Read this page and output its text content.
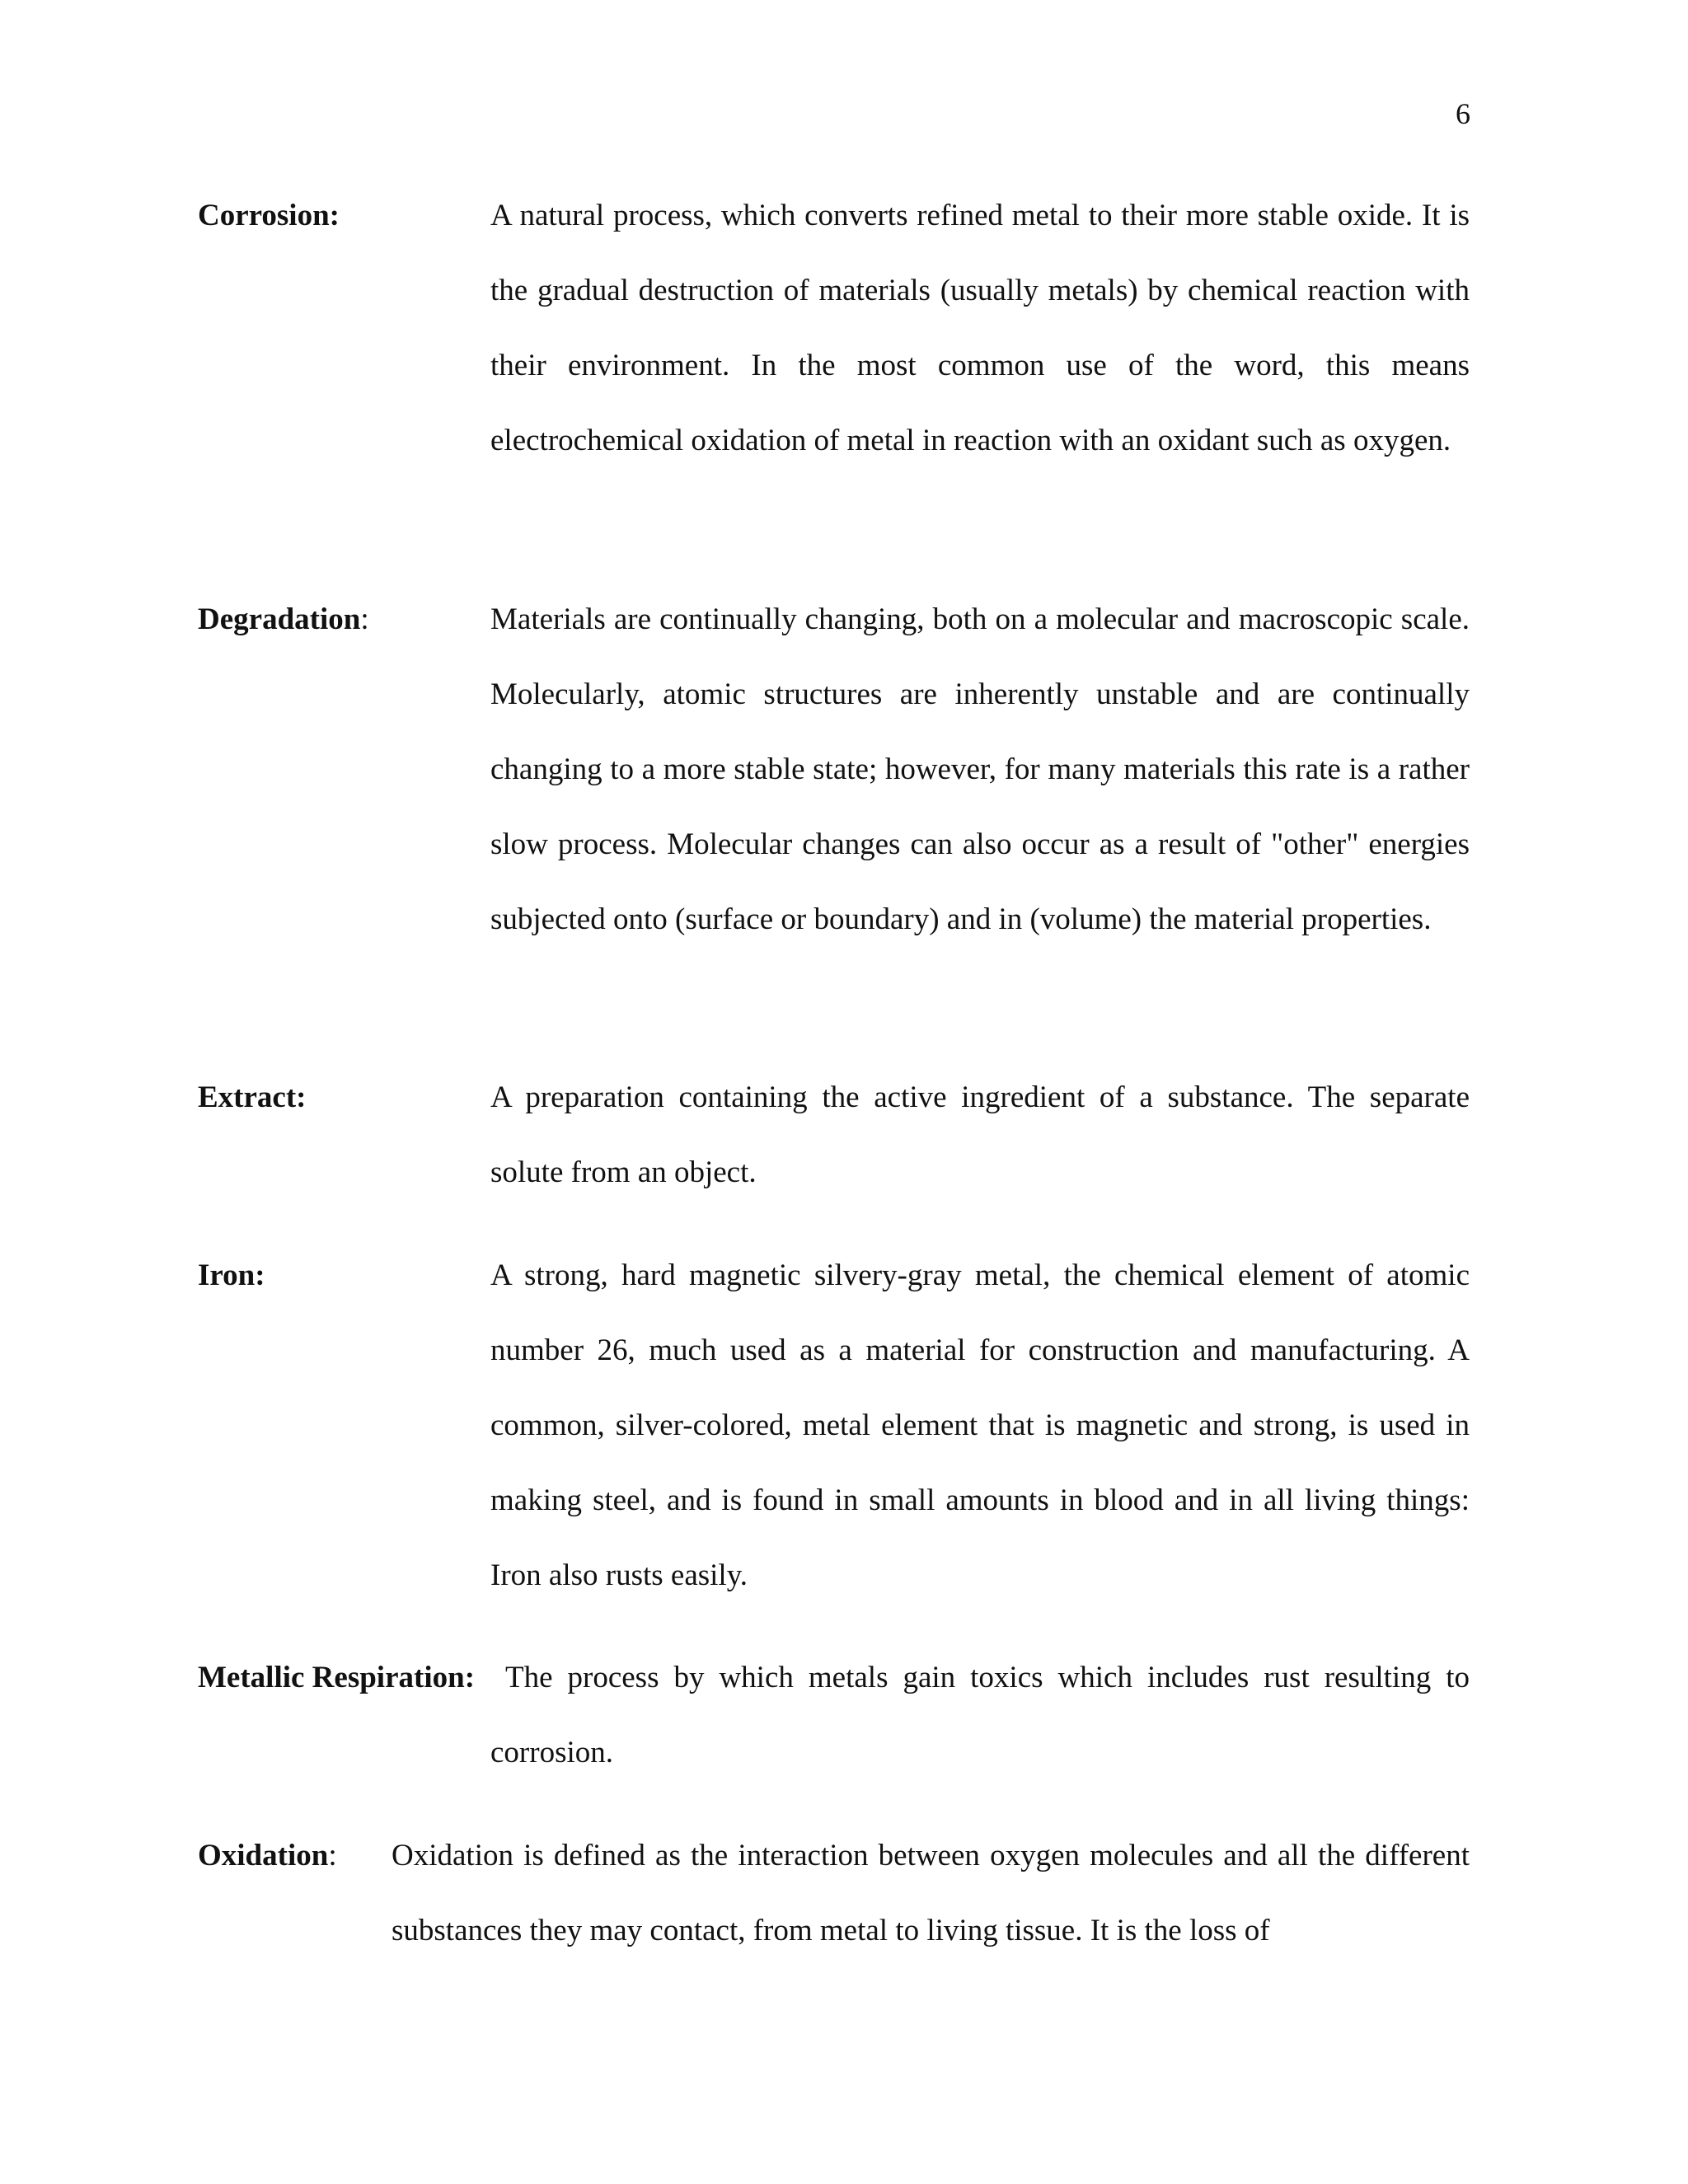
6
Corrosion:	A natural process, which converts refined metal to their more stable oxide. It is the gradual destruction of materials (usually metals) by chemical reaction with their environment. In the most common use of the word, this means electrochemical oxidation of metal in reaction with an oxidant such as oxygen.

Degradation:	Materials are continually changing, both on a molecular and macroscopic scale. Molecularly, atomic structures are inherently unstable and are continually changing to a more stable state; however, for many materials this rate is a rather slow process. Molecular changes can also occur as a result of "other" energies subjected onto (surface or boundary) and in (volume) the material properties.

Extract:	A preparation containing the active ingredient of a substance. The separate solute from an object.

Iron:	A strong, hard magnetic silvery-gray metal, the chemical element of atomic number 26, much used as a material for construction and manufacturing. A common, silver-colored, metal element that is magnetic and strong, is used in making steel, and is found in small amounts in blood and in all living things: Iron also rusts easily.

Metallic Respiration: The process by which metals gain toxics which includes rust resulting to
corrosion.
Oxidation: Oxidation is defined as the interaction between oxygen molecules and all the different substances they may contact, from metal to living tissue. It is the loss of
